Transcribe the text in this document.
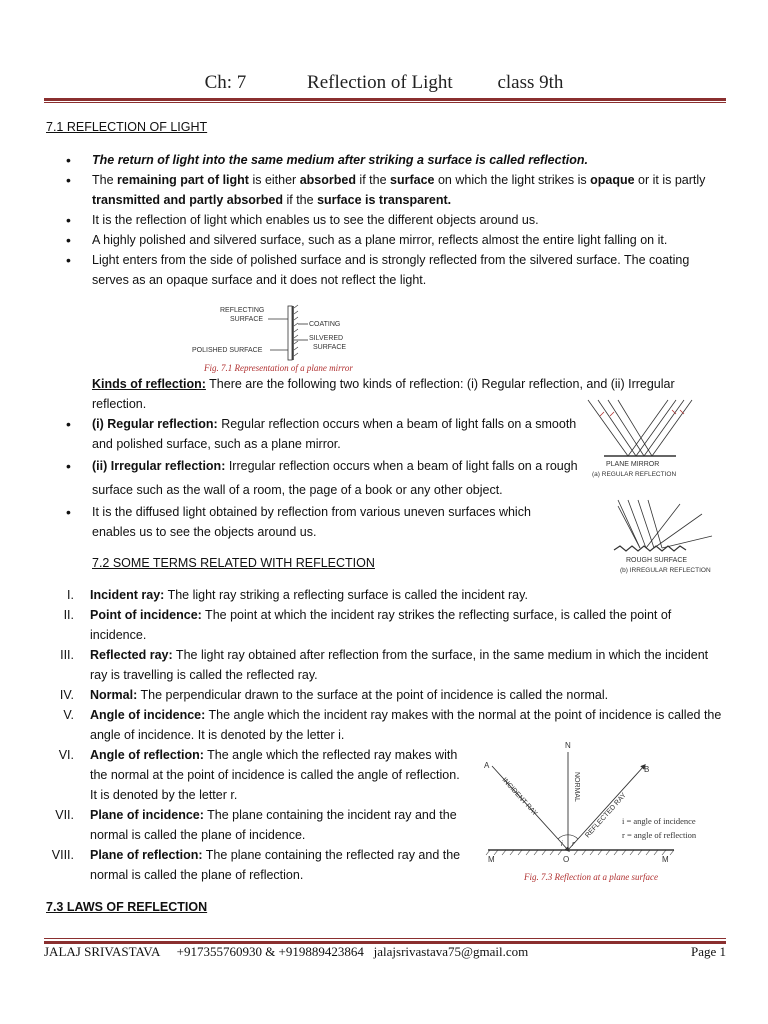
Ch: 7	Reflection of Light class 9th
7.1 REFLECTION OF LIGHT
• The return of light into the same medium after striking a surface is called reflection.
• The remaining part of light is either absorbed if the surface on which the light strikes is opaque or it is partly transmitted and partly absorbed if the surface is transparent.
• It is the reflection of light which enables us to see the different objects around us.
• A highly polished and silvered surface, such as a plane mirror, reflects almost the entire light falling on it.
• Light enters from the side of polished surface and is strongly reflected from the silvered surface. The coating serves as an opaque surface and it does not reflect the light.
REFLECTING
SURFACE
COATING
SILVERED
SURFACE
POLISHED SURFACE
Fig. 7.1 Representation of a plane mirror
Kinds of reflection: There are the following two kinds of reflection: (i) Regular reflection, and (ii) Irregular reflection.
• (i) Regular reflection: Regular reflection occurs when a beam of light falls on a smooth and polished surface, such as a plane mirror.
• (ii) Irregular reflection: Irregular reflection occurs when a beam of light falls on a rough surface such as the wall of a room, the page of a book or any other object.
• It is the diffused light obtained by reflection from various uneven surfaces which enables us to see the objects around us.
PLANE MIRROR
(a) REGULAR REFLECTION
ROUGH SURFACE
(b) IRREGULAR REFLECTION
7.2 SOME TERMS RELATED WITH REFLECTION
I. Incident ray: The light ray striking a reflecting surface is called the incident ray.
II. Point of incidence: The point at which the incident ray strikes the reflecting surface, is called the point of incidence.
III. Reflected ray: The light ray obtained after reflection from the surface, in the same medium in which the incident ray is travelling is called the reflected ray.
IV. Normal: The perpendicular drawn to the surface at the point of incidence is called the normal.
V. Angle of incidence: The angle which the incident ray makes with the normal at the point of incidence is called the angle of incidence. It is denoted by the letter i.
VI. Angle of reflection: The angle which the reflected ray makes with the normal at the point of incidence is called the angle of reflection. It is denoted by the letter r.
VII. Plane of incidence: The plane containing the incident ray and the normal is called the plane of incidence.
VIII. Plane of reflection: The plane containing the reflected ray and the normal is called the plane of reflection.
N
A	B
M	O	M
NORMAL
INCIDENT RAY	REFLECTED RAY
i r
i = angle of incidence
r = angle of reflection
Fig. 7.3 Reflection at a plane surface
7.3 LAWS OF REFLECTION
JALAJ SRIVASTAVA +917355760930 & +919889423864 jalajsrivastava75@gmail.com	Page 1
